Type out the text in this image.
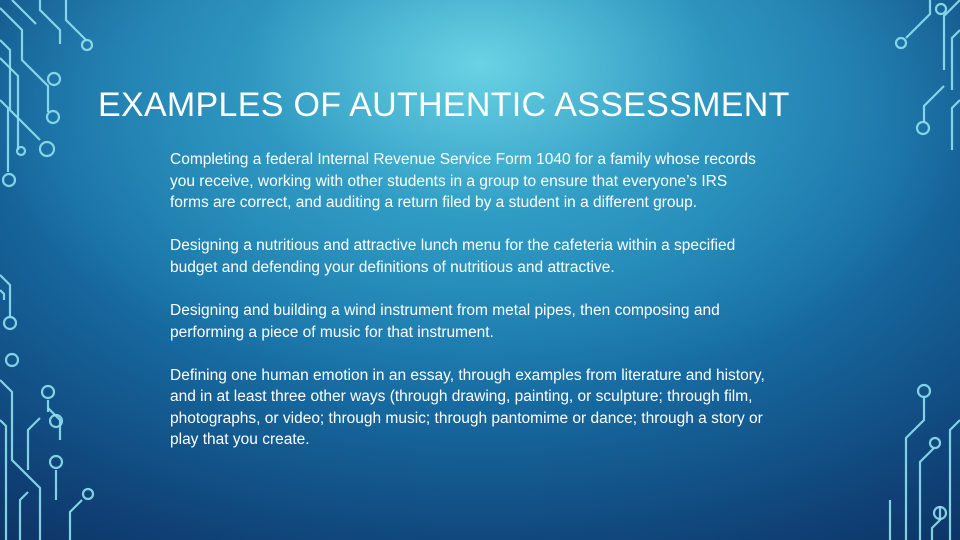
EXAMPLES OF AUTHENTIC ASSESSMENT

Completing a federal Internal Revenue Service Form 1040 for a family whose records you receive, working with other students in a group to ensure that everyone’s IRS forms are correct, and auditing a return filed by a student in a different group.

Designing a nutritious and attractive lunch menu for the cafeteria within a specified budget and defending your definitions of nutritious and attractive.

Designing and building a wind instrument from metal pipes, then composing and performing a piece of music for that instrument.

Defining one human emotion in an essay, through examples from literature and history, and in at least three other ways (through drawing, painting, or sculpture; through film, photographs, or video; through music; through pantomime or dance; through a story or play that you create.
